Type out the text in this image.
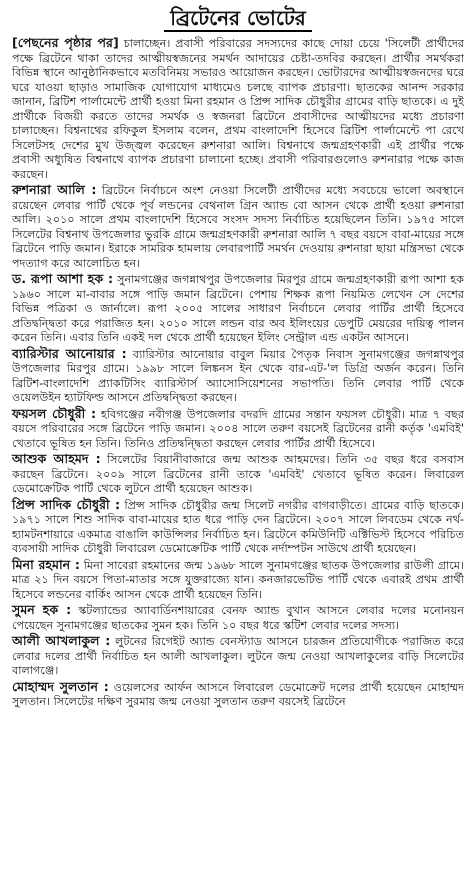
ব্রিটেনের ভোটের

[পেছনের পৃষ্ঠার পর] চালাচ্ছেন। প্রবাসী পরিবারের সদস্যদের কাছে দোয়া চেয়ে 'সিলেটী প্রার্থীদের পক্ষে ব্রিটেনে থাকা তাদের আত্মীয়স্বজনের সমর্থন আদায়ের চেষ্টা-তদবির করছেন। প্রার্থীর সমর্থকরা বিভিন্ন স্থানে আনুষ্ঠানিকভাবে মতবিনিময় সভারও আয়োজন করছেন। ভোটারদের আত্মীয়স্বজনদের ঘরে ঘরে যাওয়া ছাড়াও সামাজিক যোগাযোগ মাধ্যমেও চলছে ব্যাপক প্রচারণা। ছাতকের আনন্দ সরকার জানান, ব্রিটিশ পার্লামেন্টে প্রার্থী হওয়া মিনা রহমান ও প্রিন্স সাদিক চৌধুরীর গ্রামের বাড়ি ছাতকে। এ দুই প্রার্থীকে বিজয়ী করতে তাদের সমর্থক ও স্বজনরা ব্রিটেনে প্রবাসীদের আত্মীয়দের মধ্যে প্রচারণা চালাচ্ছেন। বিশ্বনাথের রফিকুল ইসলাম বলেন, প্রথম বাংলাদেশি হিসেবে ব্রিটিশ পার্লামেন্টে পা রেখে সিলেটসহ দেশের মুখ উজ্জ্বল করেছেন রুশনারা আলি। বিশ্বনাথে জন্মগ্রহণকারী এই প্রার্থীর পক্ষে প্রবাসী অধ্যুষিত বিশ্বনাথে ব্যাপক প্রচারণা চালানো হচ্ছে। প্রবাসী পরিবারগুলোও রুশনারার পক্ষে কাজ করছেন।

রুশনারা আলি : ব্রিটেনে নির্বাচনে অংশ নেওয়া সিলেটী প্রার্থীদের মধ্যে সবচেয়ে ভালো অবস্থানে রয়েছেন লেবার পার্টি থেকে পূর্ব লন্ডনের বেথনাল গ্রিন অ্যান্ড বো আসন থেকে প্রার্থী হওয়া রুশনারা আলি। ২০১০ সালে প্রথম বাংলাদেশি হিসেবে সংসদ সদস্য নির্বাচিত হয়েছিলেন তিনি। ১৯৭৫ সালে সিলেটের বিশ্বনাথ উপজেলার ভুরকি গ্রামে জন্মগ্রহণকারী রুশনারা আলি ৭ বছর বয়সে বাবা-মায়ের সঙ্গে ব্রিটেনে পাড়ি জমান। ইরাকে সামরিক হামলায় লেবারপার্টি সমর্থন দেওয়ায় রুশনারা ছায়া মন্ত্রিসভা থেকে পদত্যাগ করে আলোচিত হন।

ড. রূপা আশা হক : সুনামগঞ্জের জগন্নাথপুর উপজেলার মিরপুর গ্রামে জন্মগ্রহণকারী রূপা আশা হক ১৯৬০ সালে মা-বাবার সঙ্গে পাড়ি জমান ব্রিটেনে। পেশায় শিক্ষক রূপা নিয়মিত লেখেন সে দেশের বিভিন্ন পত্রিকা ও জার্নালে। রূপা ২০০৫ সালের সাধারণ নির্বাচনে লেবার পার্টির প্রার্থী হিসেবে প্রতিদ্বন্দ্বিতা করে পরাজিত হন। ২০১০ সালে লন্ডন বার অব ইলিংয়ের ডেপুটি মেয়রের দায়িত্ব পালন করেন তিনি। এবার তিনি একই দল থেকে প্রার্থী হয়েছেন ইলিং সেন্ট্রাল এন্ড একটন আসনে।

ব্যারিস্টার আনোয়ার : ব্যারিস্টার আনোয়ার বাবুল মিয়ার পৈতৃক নিবাস সুনামগঞ্জের জগন্নাথপুর উপজেলার মিরপুর গ্রামে। ১৯৯৮ সালে লিঙ্কনস ইন থেকে বার-এট-'ল ডিগ্রি অর্জন করেন। তিনি ব্রিটিশ-বাংলাদেশি প্র্যাকটিসিং ব্যারিস্টার্স অ্যাসোসিয়েশনের সভাপতি। তিনি লেবার পার্টি থেকে ওয়েলউইন হ্যাটফিল্ড আসনে প্রতিদ্বন্দ্বিতা করছেন।

ফয়সল চৌধুরী : হবিগঞ্জের নবীগঞ্জ উপজেলার বদরদি গ্রামের সন্তান ফয়সল চৌধুরী। মাত্র ৭ বছর বয়সে পরিবারের সঙ্গে ব্রিটেনে পাড়ি জমান। ২০০৪ সালে তরুণ বয়সেই ব্রিটেনের রানী কর্তৃক 'এমবিই' খেতাবে ভূষিত হন তিনি। তিনিও প্রতিদ্বন্দ্বিতা করছেন লেবার পার্টির প্রার্থী হিসেবে।

আশুক আহমদ : সিলেটের বিয়ানীবাজারে জন্ম আশুক আহমদের। তিনি ৩৫ বছর ধরে বসবাস করছেন ব্রিটেনে। ২০০৯ সালে ব্রিটেনের রানী তাকে 'এমবিই' খেতাবে ভূষিত করেন। লিবারেল ডেমোক্রেটিক পার্টি থেকে লুটনে প্রার্থী হয়েছেন আশুক।

প্রিন্স সাদিক চৌধুরী : প্রিন্স সাদিক চৌধুরীর জন্ম সিলেট নগরীর বাগবাড়ীতে। গ্রামের বাড়ি ছাতকে। ১৯৭১ সালে শিশু সাদিক বাবা-মায়ের হাত ধরে পাড়ি দেন ব্রিটেনে। ২০০৭ সালে লিবডেম থেকে নর্থ-হ্যামটনশায়ারে একমাত্র বাঙালি কাউন্সিলর নির্বাচিত হন। ব্রিটেনে কমিউনিটি এক্টিভিস্ট হিসেবে পরিচিত ব্যবসায়ী সাদিক চৌধুরী লিবারেল ডেমোক্রেটিক পার্টি থেকে নর্দাম্পটন সাউথে প্রার্থী হয়েছেন।

মিনা রহমান : মিনা সাবেরা রহমানের জন্ম ১৯৬৮ সালে সুনামগঞ্জের ছাতক উপজেলার রাউলী গ্রামে। মাত্র ২১ দিন বয়সে পিতা-মাতার সঙ্গে যুক্তরাজ্যে যান। কনজারভেটিভ পার্টি থেকে এবারই প্রথম প্রার্থী হিসেবে লন্ডনের বার্কিং আসন থেকে প্রার্থী হয়েছেন তিনি।

সুমন হক : স্কটল্যান্ডের অ্যাবার্ডিনশায়ারের বেনফ অ্যান্ড বুখান আসনে লেবার দলের মনোনয়ন পেয়েছেন সুনামগঞ্জের ছাতকের সুমন হক। তিনি ১০ বছর ধরে স্কটিশ লেবার দলের সদস্য।

আলী আখলাকুল : লুটনের রিগেইট অ্যান্ড বেনস্ট্যাড আসনে চারজন প্রতিযোগীকে পরাজিত করে লেবার দলের প্রার্থী নির্বাচিত হন আলী আখলাকুল। লুটনে জন্ম নেওয়া আখলাকুলের বাড়ি সিলেটের বালাগঞ্জে।

মোহাম্মদ সুলতান : ওয়েলসের আর্ফন আসনে লিবারেল ডেমোক্রেট দলের প্রার্থী হয়েছেন মোহাম্মদ সুলতান। সিলেটের দক্ষিণ সুরমায় জন্ম নেওয়া সুলতান তরুণ বয়সেই ব্রিটেনে
